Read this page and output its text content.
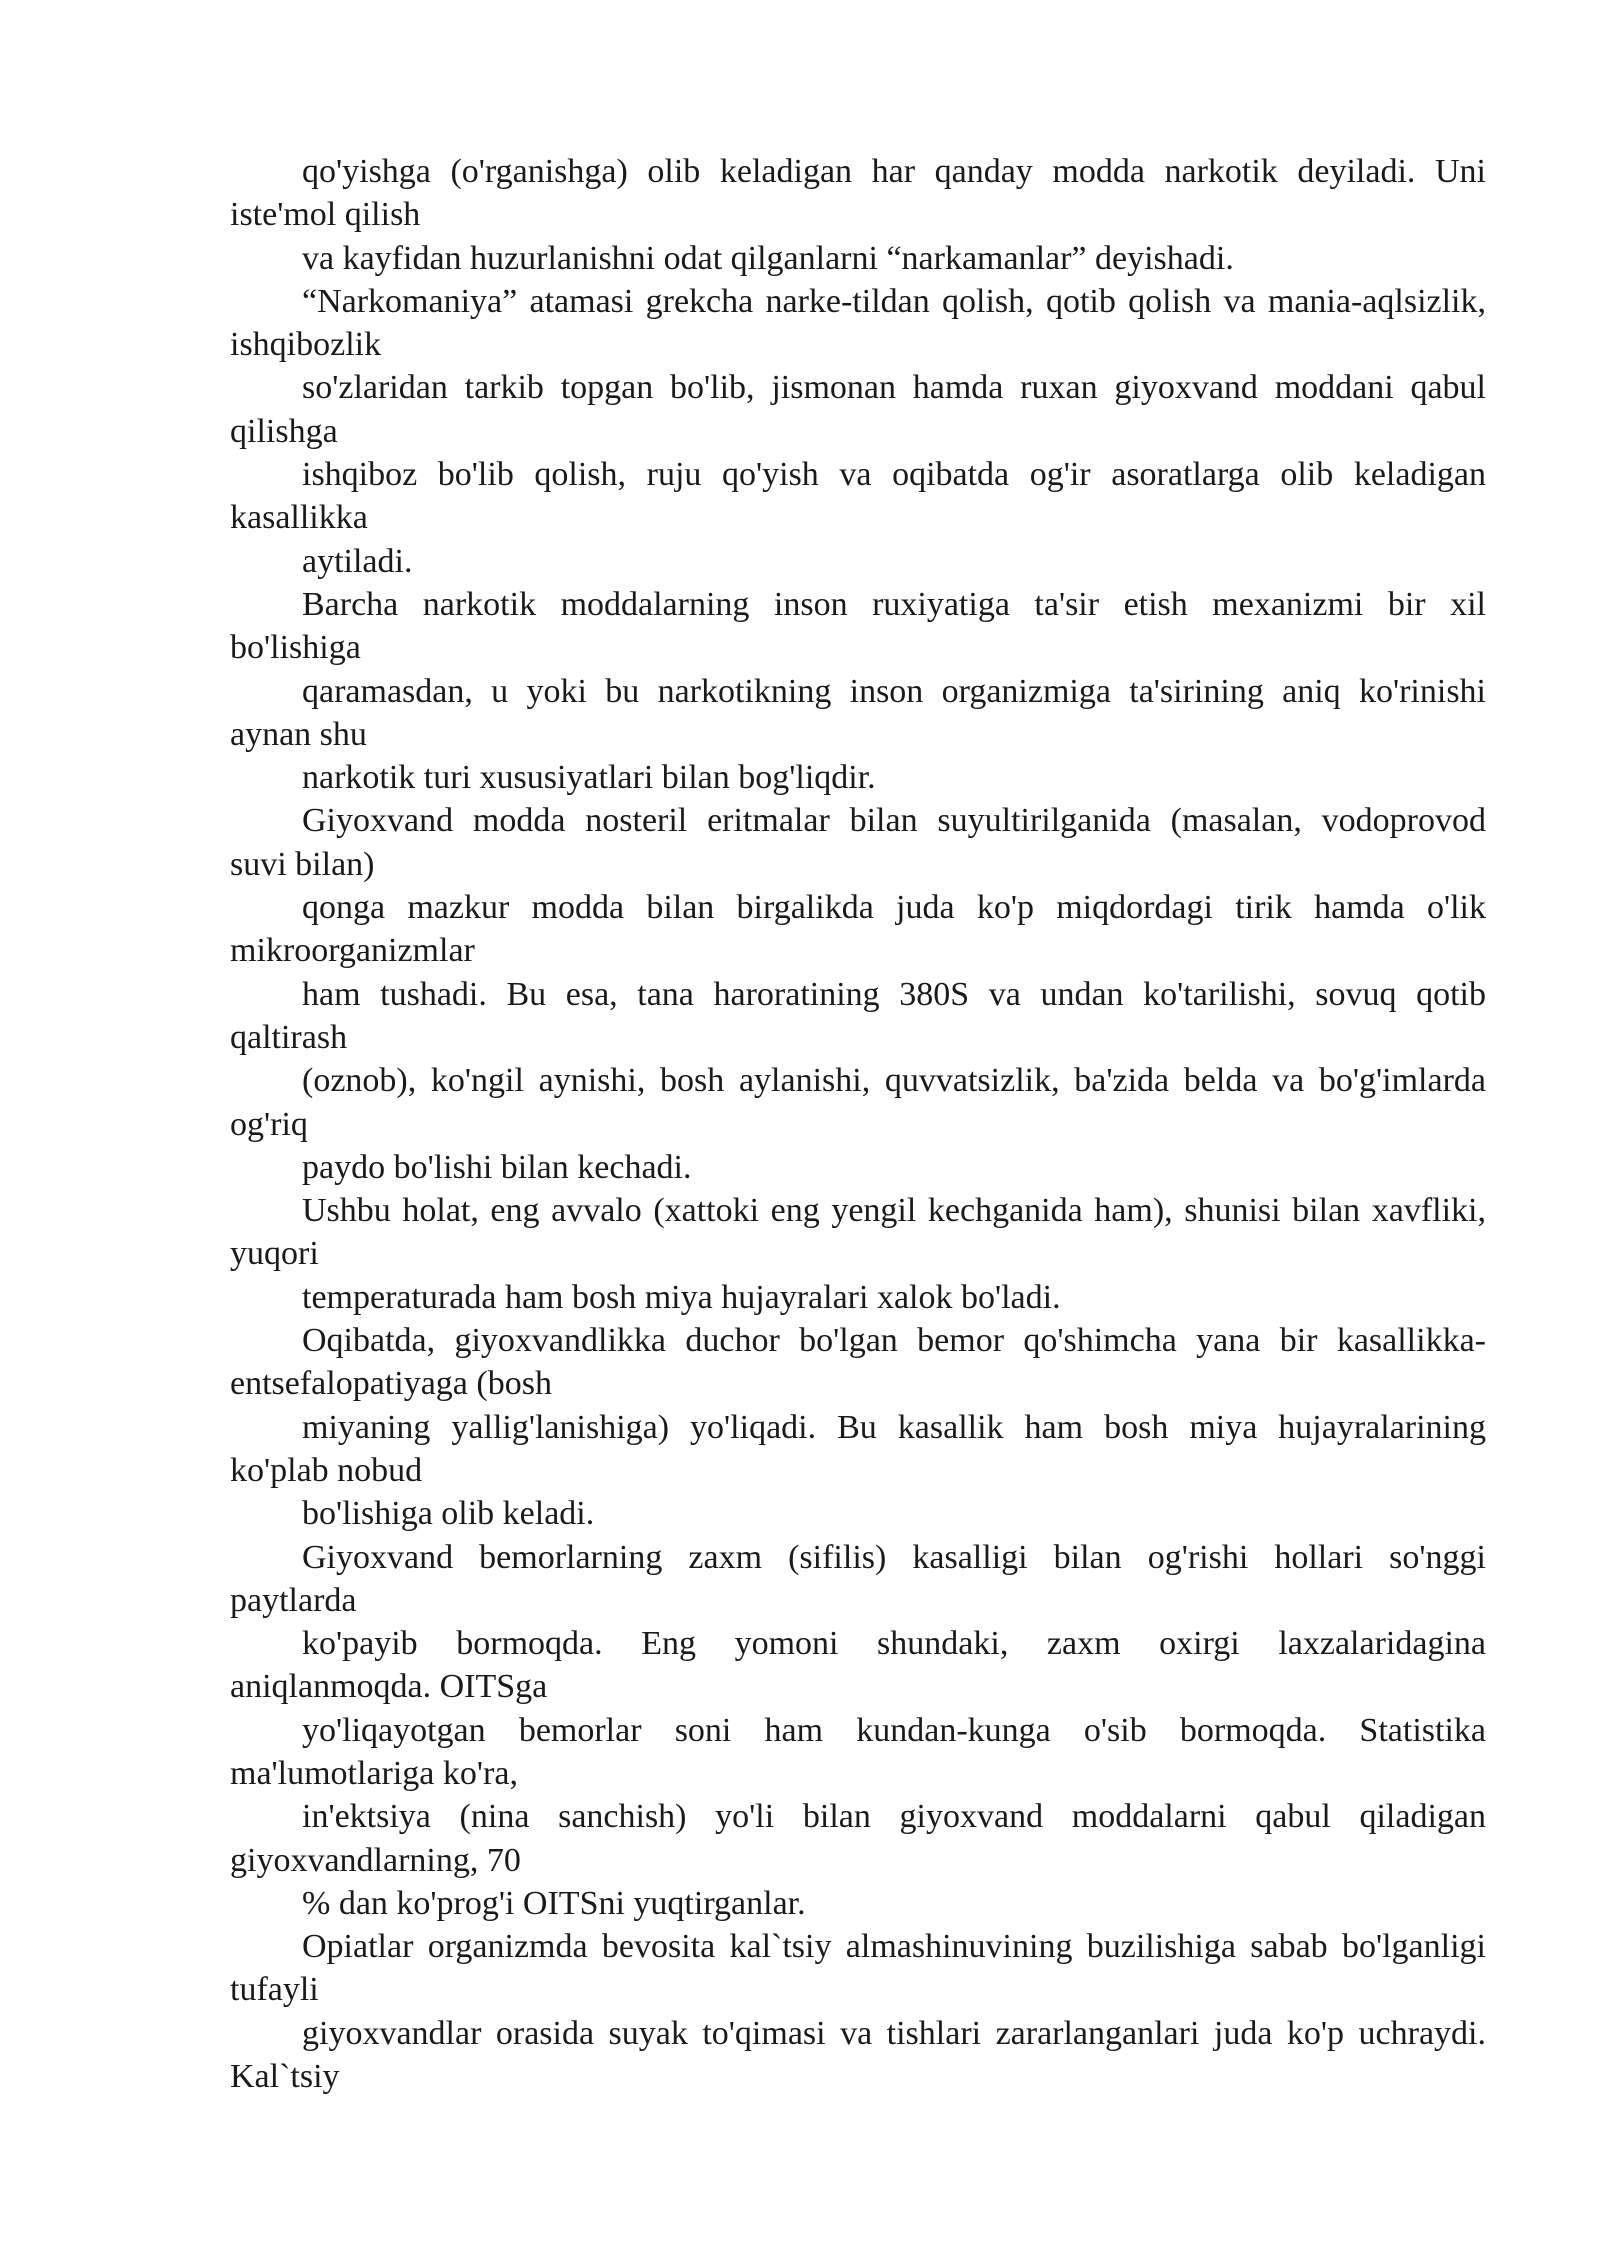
qo'yishga (o'rganishga) olib keladigan har qanday modda narkotik deyiladi. Uni
iste'mol qilish
va kayfidan huzurlanishni odat qilganlarni “narkamanlar” deyishadi.
“Narkomaniya” atamasi grekcha narke-tildan qolish, qotib qolish va mania-aqlsizlik,
ishqibozlik
so'zlaridan tarkib topgan bo'lib, jismonan hamda ruxan giyoxvand moddani qabul
qilishga
ishqiboz bo'lib qolish, ruju qo'yish va oqibatda og'ir asoratlarga olib keladigan
kasallikka
aytiladi.
Barcha narkotik moddalarning inson ruxiyatiga ta'sir etish mexanizmi bir xil
bo'lishiga
qaramasdan, u yoki bu narkotikning inson organizmiga ta'sirining aniq ko'rinishi
aynan shu
narkotik turi xususiyatlari bilan bog'liqdir.
Giyoxvand modda nosteril eritmalar bilan suyultirilganida (masalan, vodoprovod
suvi bilan)
qonga mazkur modda bilan birgalikda juda ko'p miqdordagi tirik hamda o'lik
mikroorganizmlar
ham tushadi. Bu esa, tana haroratining 380S va undan ko'tarilishi, sovuq qotib
qaltirash
(oznob), ko'ngil aynishi, bosh aylanishi, quvvatsizlik, ba'zida belda va bo'g'imlarda
og'riq
paydo bo'lishi bilan kechadi.
Ushbu holat, eng avvalo (xattoki eng yengil kechganida ham), shunisi bilan xavfliki,
yuqori
temperaturada ham bosh miya hujayralari xalok bo'ladi.
Oqibatda, giyoxvandlikka duchor bo'lgan bemor qo'shimcha yana bir kasallikka-
entsefalopatiyaga (bosh
miyaning yallig'lanishiga) yo'liqadi. Bu kasallik ham bosh miya hujayralarining
ko'plab nobud
bo'lishiga olib keladi.
Giyoxvand bemorlarning zaxm (sifilis) kasalligi bilan og'rishi hollari so'nggi
paytlarda
ko'payib bormoqda. Eng yomoni shundaki, zaxm oxirgi laxzalaridagina
aniqlanmoqda. OITSga
yo'liqayotgan bemorlar soni ham kundan-kunga o'sib bormoqda. Statistika
ma'lumotlariga ko'ra,
in'ektsiya (nina sanchish) yo'li bilan giyoxvand moddalarni qabul qiladigan
giyoxvandlarning, 70
% dan ko'prog'i OITSni yuqtirganlar.
Opiatlar organizmda bevosita kal`tsiy almashinuvining buzilishiga sabab bo'lganligi
tufayli
giyoxvandlar orasida suyak to'qimasi va tishlari zararlanganlari juda ko'p uchraydi.
Kal`tsiy
